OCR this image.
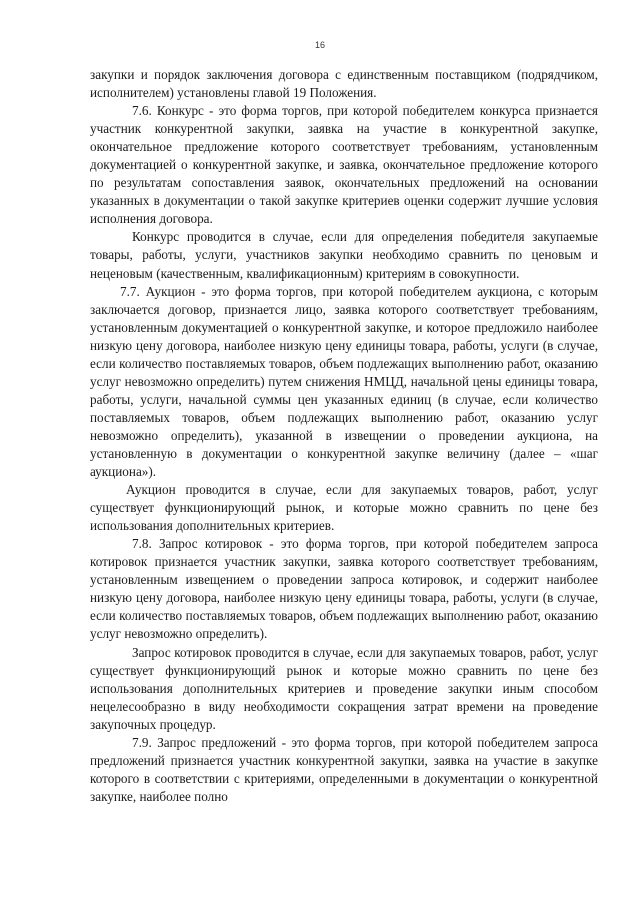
16

закупки и порядок заключения договора с единственным поставщиком (подрядчиком, исполнителем) установлены главой 19 Положения.

7.6. Конкурс - это форма торгов, при которой победителем конкурса признается участник конкурентной закупки, заявка на участие в конкурентной закупке, окончательное предложение которого соответствует требованиям, установленным документацией о конкурентной закупке, и заявка, окончательное предложение которого по результатам сопоставления заявок, окончательных предложений на основании указанных в документации о такой закупке критериев оценки содержит лучшие условия исполнения договора.

Конкурс проводится в случае, если для определения победителя закупаемые товары, работы, услуги, участников закупки необходимо сравнить по ценовым и неценовым (качественным, квалификационным) критериям в совокупности.

7.7. Аукцион - это форма торгов, при которой победителем аукциона, с которым заключается договор, признается лицо, заявка которого соответствует требованиям, установленным документацией о конкурентной закупке, и которое предложило наиболее низкую цену договора, наиболее низкую цену единицы товара, работы, услуги (в случае, если количество поставляемых товаров, объем подлежащих выполнению работ, оказанию услуг невозможно определить) путем снижения НМЦД, начальной цены единицы товара, работы, услуги, начальной суммы цен указанных единиц (в случае, если количество поставляемых товаров, объем подлежащих выполнению работ, оказанию услуг невозможно определить), указанной в извещении о проведении аукциона, на установленную в документации о конкурентной закупке величину (далее – «шаг аукциона»).

Аукцион проводится в случае, если для закупаемых товаров, работ, услуг существует функционирующий рынок, и которые можно сравнить по цене без использования дополнительных критериев.

7.8. Запрос котировок - это форма торгов, при которой победителем запроса котировок признается участник закупки, заявка которого соответствует требованиям, установленным извещением о проведении запроса котировок, и содержит наиболее низкую цену договора, наиболее низкую цену единицы товара, работы, услуги (в случае, если количество поставляемых товаров, объем подлежащих выполнению работ, оказанию услуг невозможно определить).

Запрос котировок проводится в случае, если для закупаемых товаров, работ, услуг существует функционирующий рынок и которые можно сравнить по цене без использования дополнительных критериев и проведение закупки иным способом нецелесообразно в виду необходимости сокращения затрат времени на проведение закупочных процедур.

7.9. Запрос предложений - это форма торгов, при которой победителем запроса предложений признается участник конкурентной закупки, заявка на участие в закупке которого в соответствии с критериями, определенными в документации о конкурентной закупке, наиболее полно
